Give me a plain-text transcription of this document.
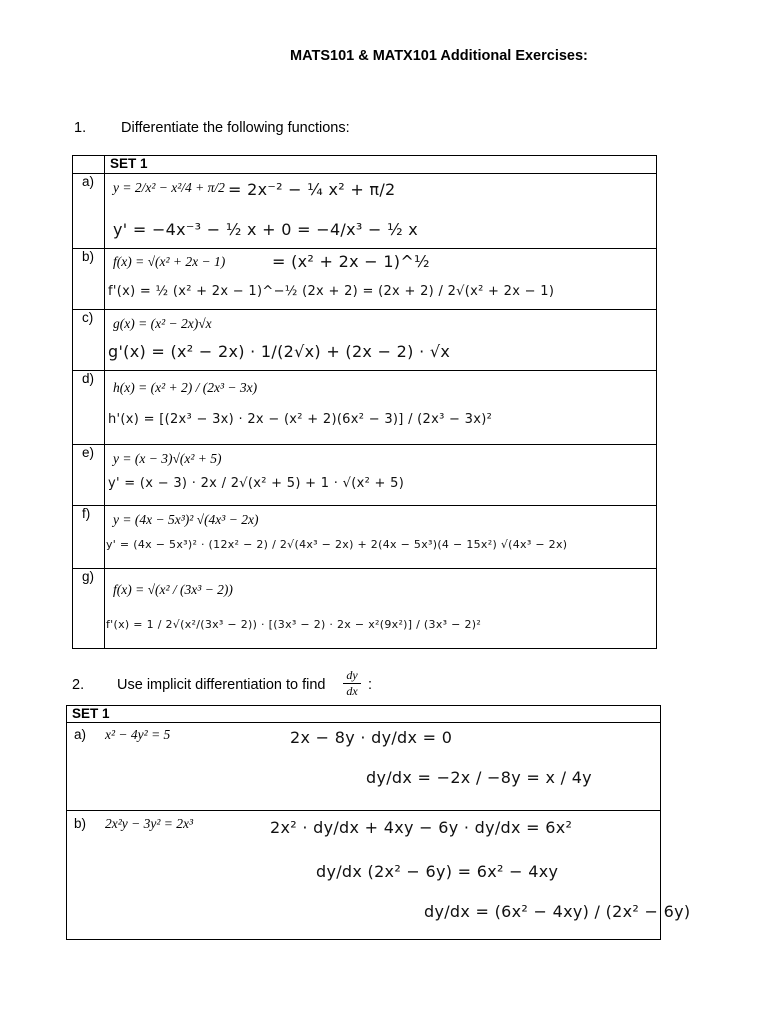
MATS101 & MATX101 Additional Exercises:
1. Differentiate the following functions:
SET 1
a) y = 2/x² − x²/4 + π/2 = 2x⁻² − ¼ x² + π/2
y' = −4x⁻³ − ½ x + 0 = −4/x³ − ½ x
b) f(x) = √(x² + 2x − 1)	= (x² + 2x − 1)^½
f'(x) = ½ (x² + 2x − 1)^−½ (2x + 2) = (2x + 2) / 2√(x² + 2x − 1)
c) g(x) = (x² − 2x)√x
g'(x) = (x² − 2x) · 1/(2√x) + (2x − 2) · √x
d)
h(x) = (x² + 2) / (2x³ − 3x)
h'(x) = [(2x³ − 3x) · 2x − (x² + 2)(6x² − 3)] / (2x³ − 3x)²
e) y = (x − 3)√(x² + 5)
y' = (x − 3) · 2x / 2√(x² + 5) + 1 · √(x² + 5)
f) y = (4x − 5x³)² √(4x³ − 2x)
y' = (4x − 5x³)² · (12x² − 2) / 2√(4x³ − 2x) + 2(4x − 5x³)(4 − 15x²) √(4x³ − 2x)
g)
f(x) = √(x² / (3x³ − 2))
f'(x) = 1 / 2√(x²/(3x³ − 2)) · [(3x³ − 2) · 2x − x²(9x²)] / (3x³ − 2)²
2. Use implicit differentiation to find $\frac{dy}{dx}$ :
SET 1
a) x² − 4y² = 5	2x − 8y · dy/dx = 0
dy/dx = −2x / −8y = x / 4y
b) 2x²y − 3y² = 2x³	2x² · dy/dx + 4xy − 6y · dy/dx = 6x²
dy/dx (2x² − 6y) = 6x² − 4xy
dy/dx = (6x² − 4xy) / (2x² − 6y)
